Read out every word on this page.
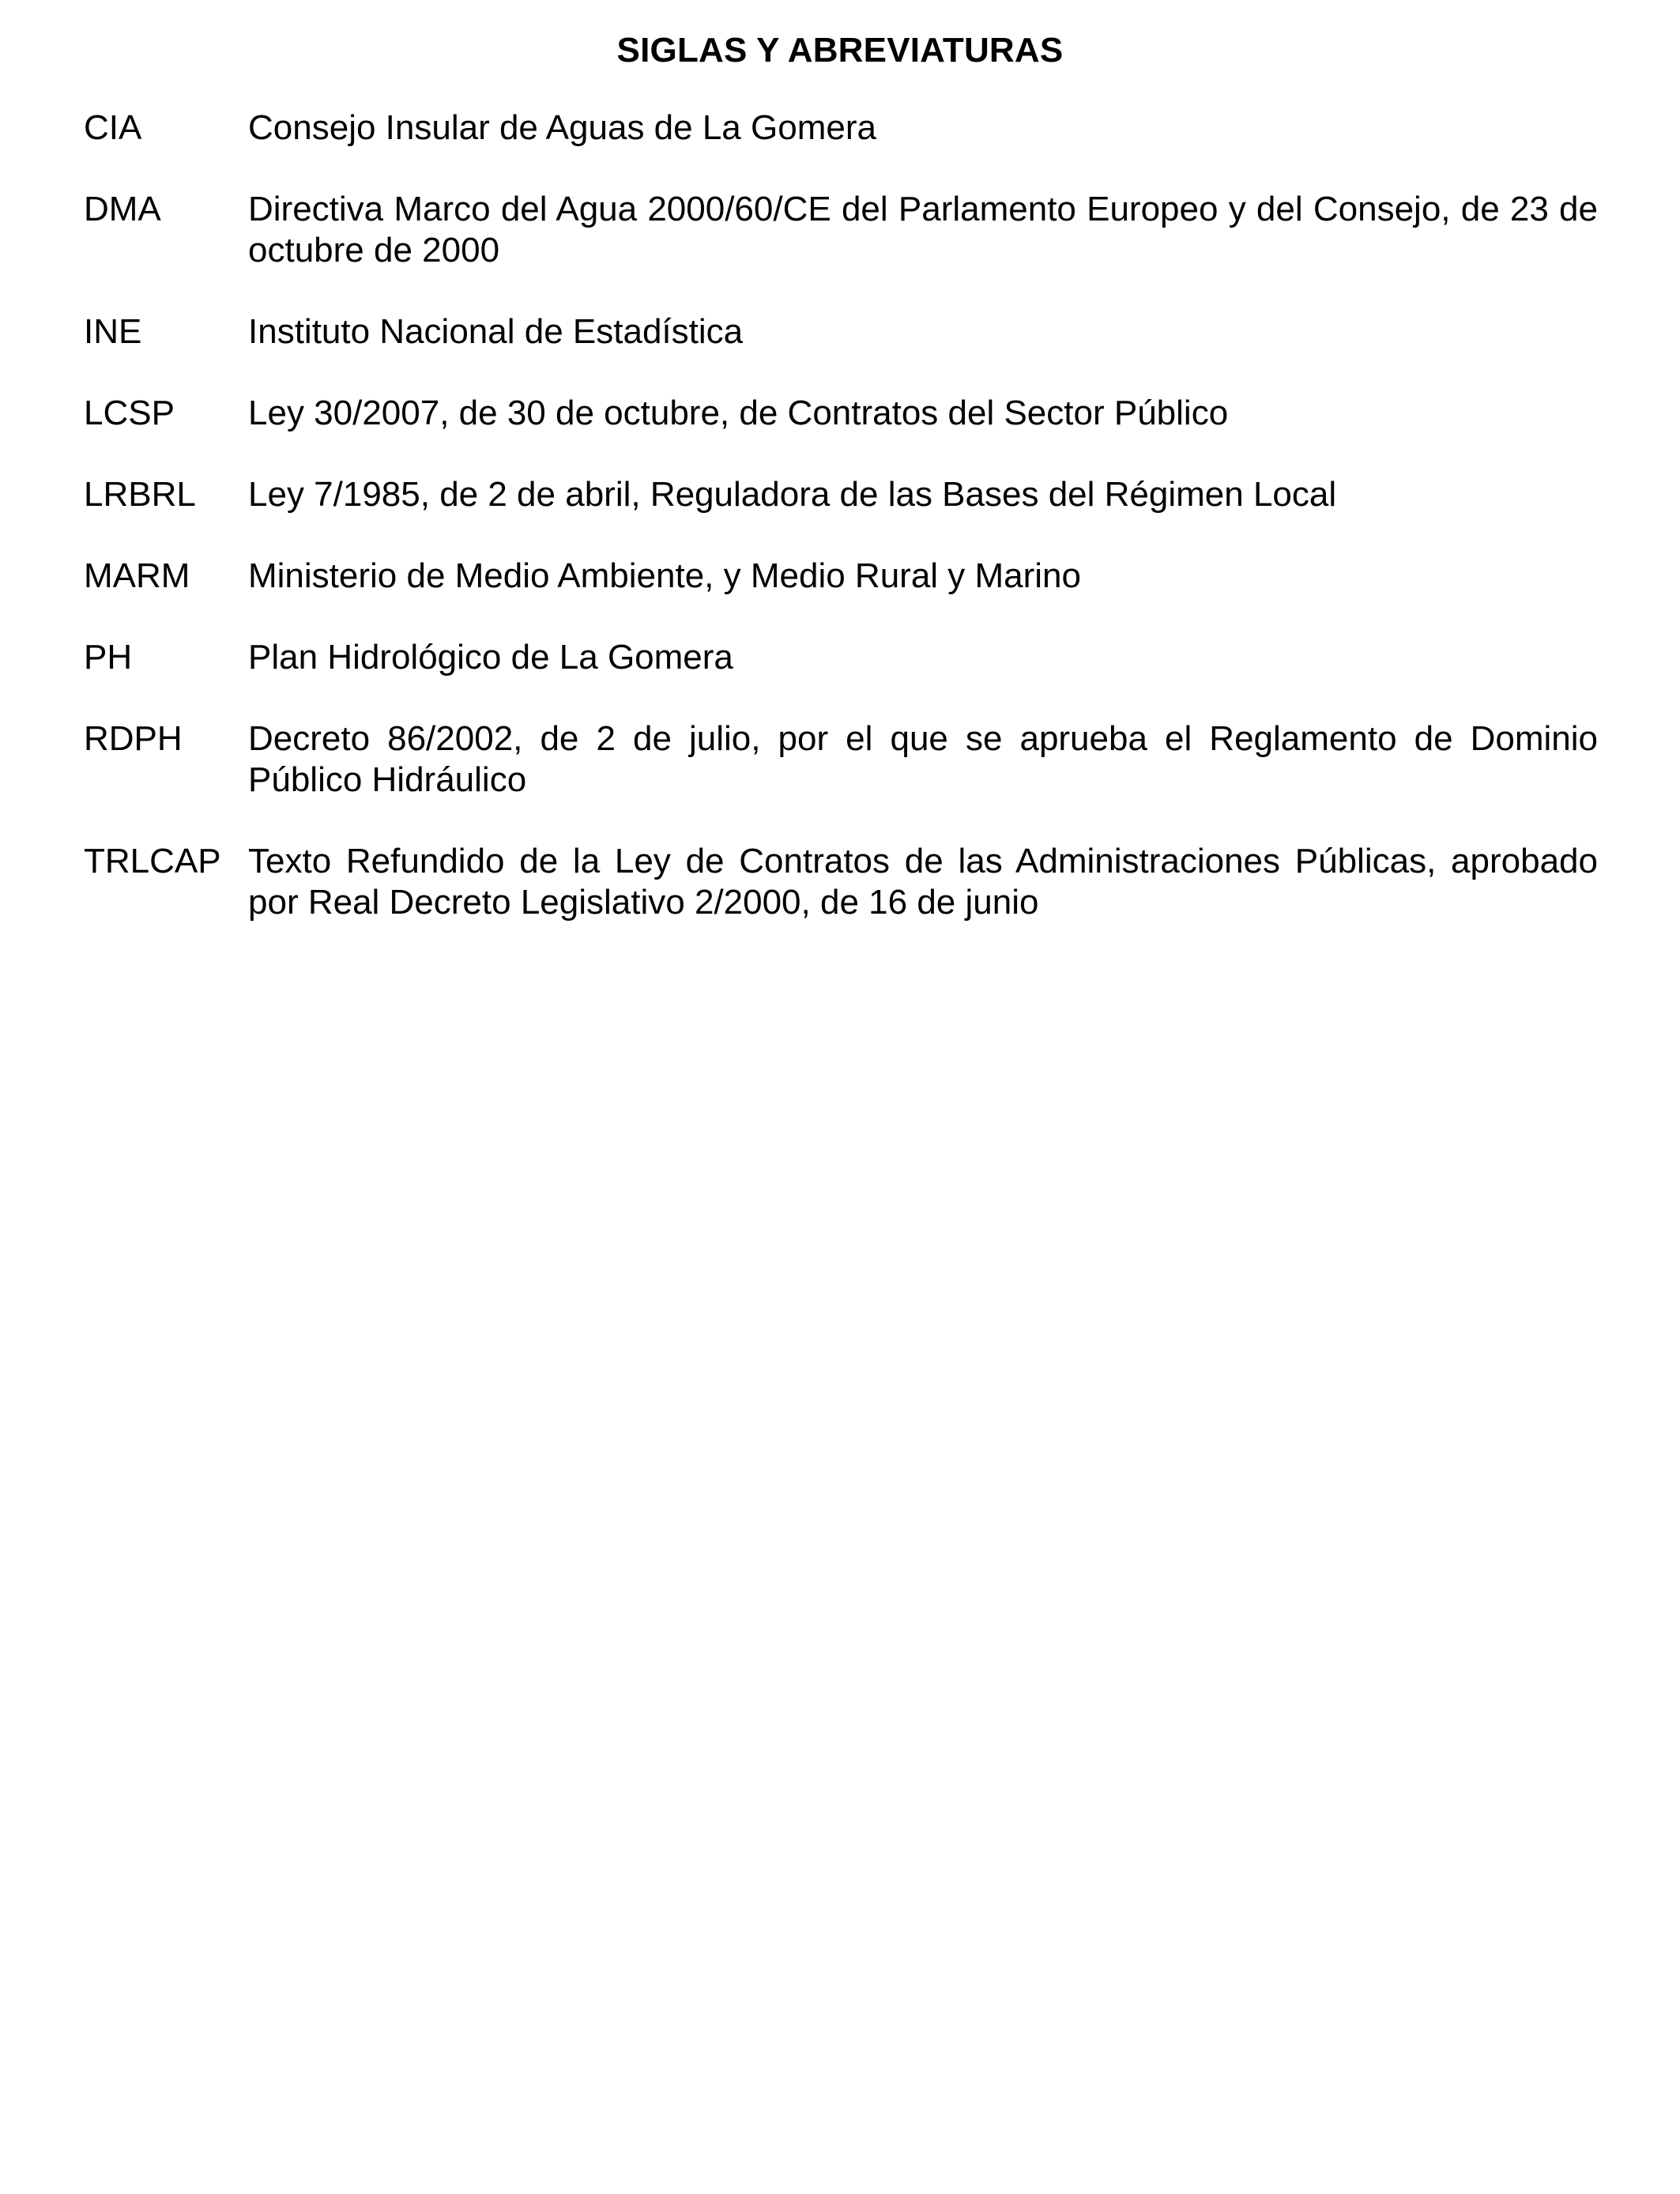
SIGLAS Y ABREVIATURAS
CIA	Consejo Insular de Aguas de La Gomera
DMA	Directiva Marco del Agua 2000/60/CE del Parlamento Europeo y del Consejo, de 23 de octubre de 2000
INE	Instituto Nacional de Estadística
LCSP	Ley 30/2007, de 30 de octubre, de Contratos del Sector Público
LRBRL	Ley 7/1985, de 2 de abril, Reguladora de las Bases del Régimen Local
MARM	Ministerio de Medio Ambiente, y Medio Rural y Marino
PH	Plan Hidrológico de La Gomera
RDPH	Decreto 86/2002, de 2 de julio, por el que se aprueba el Reglamento de Dominio Público Hidráulico
TRLCAP Texto Refundido de la Ley de Contratos de las Administraciones Públicas, aprobado por Real Decreto Legislativo 2/2000, de 16 de junio
